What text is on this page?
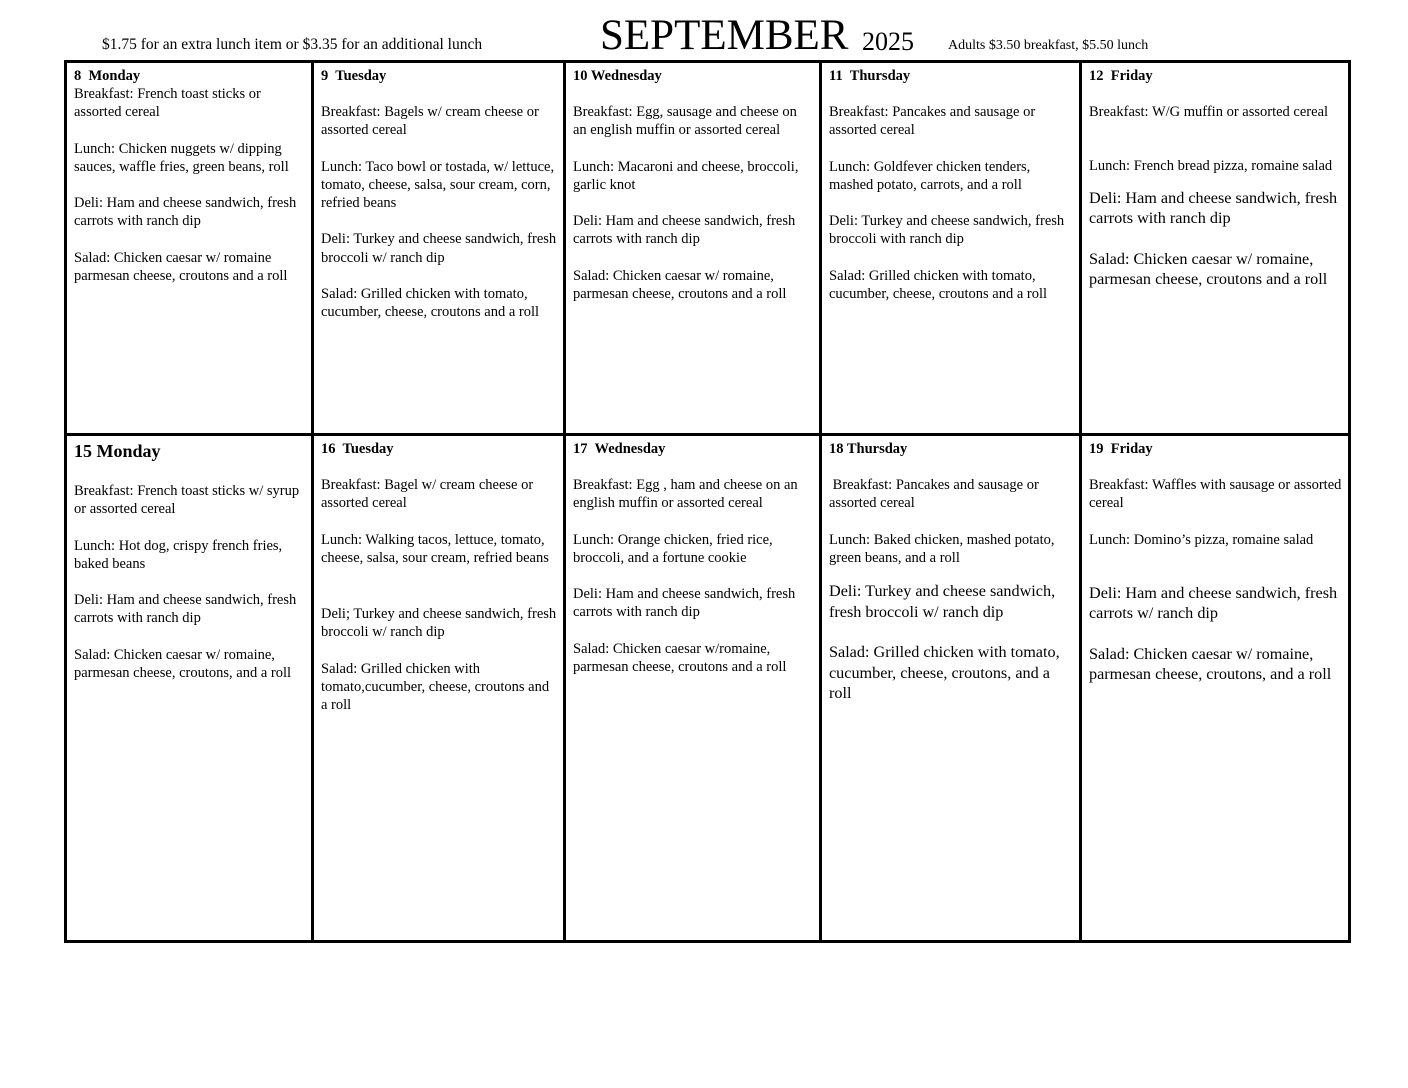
$1.75 for an extra lunch item or $3.35 for an additional lunch	SEPTEMBER 2025 Adults $3.50 breakfast, $5.50 lunch
8  Monday
Breakfast: French toast sticks or assorted cereal
Lunch: Chicken nuggets w/ dipping sauces, waffle fries, green beans, roll
Deli: Ham and cheese sandwich, fresh carrots with ranch dip
Salad: Chicken caesar w/ romaine parmesan cheese, croutons and a roll
9  Tuesday
Breakfast: Bagels w/ cream cheese or assorted cereal
Lunch: Taco bowl or tostada, w/ lettuce, tomato, cheese, salsa, sour cream, corn, refried beans
Deli: Turkey and cheese sandwich, fresh broccoli w/ ranch dip
Salad: Grilled chicken with tomato, cucumber, cheese, croutons and a roll
10 Wednesday
Breakfast: Egg, sausage and cheese on an english muffin or assorted cereal
Lunch: Macaroni and cheese, broccoli, garlic knot
Deli: Ham and cheese sandwich, fresh carrots with ranch dip
Salad: Chicken caesar w/ romaine, parmesan cheese, croutons and a roll
11  Thursday
Breakfast: Pancakes and sausage or assorted cereal
Lunch: Goldfever chicken tenders, mashed potato, carrots, and a roll
Deli: Turkey and cheese sandwich, fresh broccoli with ranch dip
Salad: Grilled chicken with tomato, cucumber, cheese, croutons and a roll
12  Friday
Breakfast: W/G muffin or assorted cereal
Lunch: French bread pizza, romaine salad
Deli: Ham and cheese sandwich, fresh carrots with ranch dip
Salad: Chicken caesar w/ romaine, parmesan cheese, croutons and a roll
15 Monday
Breakfast: French toast sticks w/ syrup or assorted cereal
Lunch: Hot dog, crispy french fries, baked beans
Deli: Ham and cheese sandwich, fresh carrots with ranch dip
Salad: Chicken caesar w/ romaine, parmesan cheese, croutons, and a roll
16  Tuesday
Breakfast: Bagel w/ cream cheese or assorted cereal
Lunch: Walking tacos, lettuce, tomato, cheese, salsa, sour cream, refried beans
Deli; Turkey and cheese sandwich, fresh broccoli w/ ranch dip
Salad: Grilled chicken with tomato,cucumber, cheese, croutons and a roll
17  Wednesday
Breakfast: Egg , ham and cheese on an english muffin or assorted cereal
Lunch: Orange chicken, fried rice, broccoli, and a fortune cookie
Deli: Ham and cheese sandwich, fresh carrots with ranch dip
Salad: Chicken caesar w/romaine, parmesan cheese, croutons and a roll
18 Thursday
Breakfast: Pancakes and sausage or assorted cereal
Lunch: Baked chicken, mashed potato, green beans, and a roll
Deli: Turkey and cheese sandwich, fresh broccoli w/ ranch dip
Salad: Grilled chicken with tomato, cucumber, cheese, croutons, and a roll
19  Friday
Breakfast: Waffles with sausage or assorted cereal
Lunch: Domino’s pizza, romaine salad
Deli: Ham and cheese sandwich, fresh carrots w/ ranch dip
Salad: Chicken caesar w/ romaine, parmesan cheese, croutons, and a roll
